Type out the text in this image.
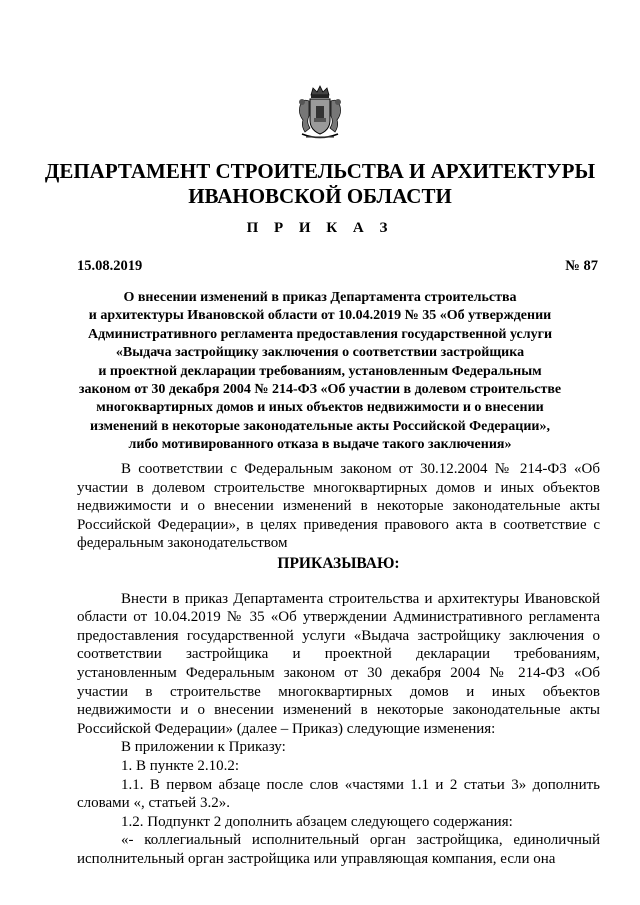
ДЕПАРТАМЕНТ СТРОИТЕЛЬСТВА И АРХИТЕКТУРЫ
ИВАНОВСКОЙ ОБЛАСТИ
П Р И К А З
15.08.2019	№ 87
О внесении изменений в приказ Департамента строительства
и архитектуры Ивановской области от 10.04.2019 № 35 «Об утверждении
Административного регламента предоставления государственной услуги
«Выдача застройщику заключения о соответствии застройщика
и проектной декларации требованиям, установленным Федеральным
законом от 30 декабря 2004 № 214-ФЗ «Об участии в долевом строительстве
многоквартирных домов и иных объектов недвижимости и о внесении
изменений в некоторые законодательные акты Российской Федерации»,
либо мотивированного отказа в выдаче такого заключения»

В соответствии с Федеральным законом от 30.12.2004 № 214-ФЗ «Об участии в долевом строительстве многоквартирных домов и иных объектов недвижимости и о внесении изменений в некоторые законодательные акты Российской Федерации», в целях приведения правового акта в соответствие с федеральным законодательством

ПРИКАЗЫВАЮ:

Внести в приказ Департамента строительства и архитектуры Ивановской области от 10.04.2019 № 35 «Об утверждении Административного регламента предоставления государственной услуги «Выдача застройщику заключения о соответствии застройщика и проектной декларации требованиям, установленным Федеральным законом от 30 декабря 2004 № 214-ФЗ «Об участии в строительстве многоквартирных домов и иных объектов недвижимости и о внесении изменений в некоторые законодательные акты Российской Федерации» (далее – Приказ) следующие изменения:

В приложении к Приказу:

1. В пункте 2.10.2:

1.1. В первом абзаце после слов «частями 1.1 и 2 статьи 3» дополнить словами «, статьей 3.2».

1.2. Подпункт 2 дополнить абзацем следующего содержания:

«- коллегиальный исполнительный орган застройщика, единоличный исполнительный орган застройщика или управляющая компания, если она
